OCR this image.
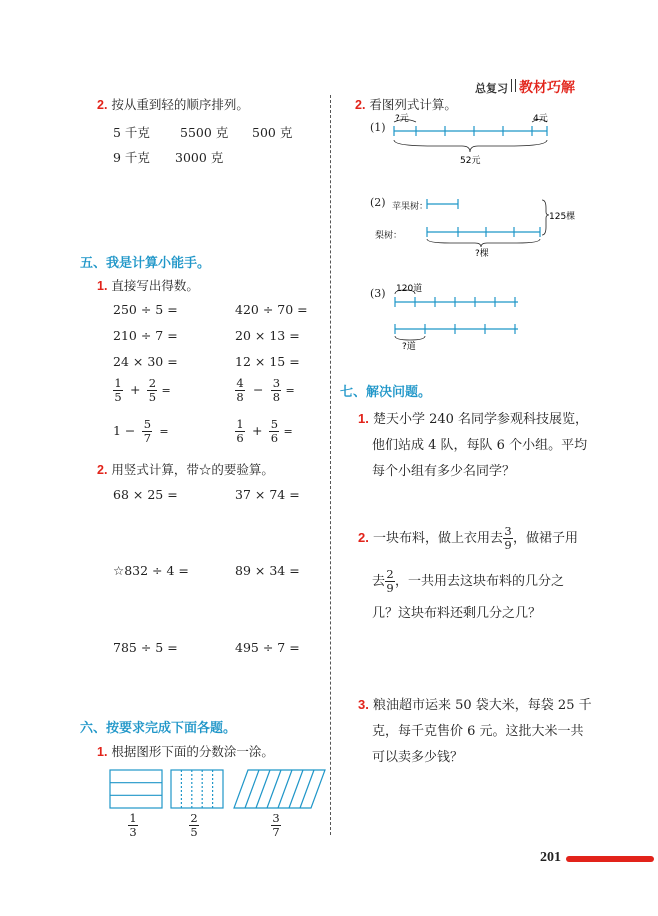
总复习 教材巧解
2. 按从重到轻的顺序排列。
5 千克 5500 克 500 克
9 千克 3000 克
五、我是计算小能手。
1. 直接写出得数。
250 ÷ 5 =	420 ÷ 70 =
210 ÷ 7 =	20 × 13 =
24 × 30 =	12 × 15 =
$\frac{1}{5} + \frac{2}{5}$ =	$\frac{4}{8} - \frac{3}{8}$ =
$1 - \frac{5}{7}$ =	$\frac{1}{6} + \frac{5}{6}$ =
2. 用竖式计算，带☆的要验算。
68 × 25 =	37 × 74 =
☆832 ÷ 4 =	89 × 34 =
785 ÷ 5 =	495 ÷ 7 =
六、按要求完成下面各题。
1. 根据图形下面的分数涂一涂。
$\frac{1}{3}$	$\frac{2}{5}$	$\frac{3}{7}$
2. 看图列式计算。
(1)
?元	4元
52元
(2) 苹果树：
梨树：
125棵
?棵
(3) 120道
?道
七、解决问题。
1. 楚天小学 240 名同学参观科技展览，
他们站成 4 队，每队 6 个小组。平均
每个小组有多少名同学？
2. 一块布料，做上衣用去 $\frac{3}{9}$ ，做裙子用
去 $\frac{2}{9}$ ，一共用去这块布料的几分之
几？这块布料还剩几分之几？
3. 粮油超市运来 50 袋大米，每袋 25 千
克，每千克售价 6 元。这批大米一共
可以卖多少钱？
201
